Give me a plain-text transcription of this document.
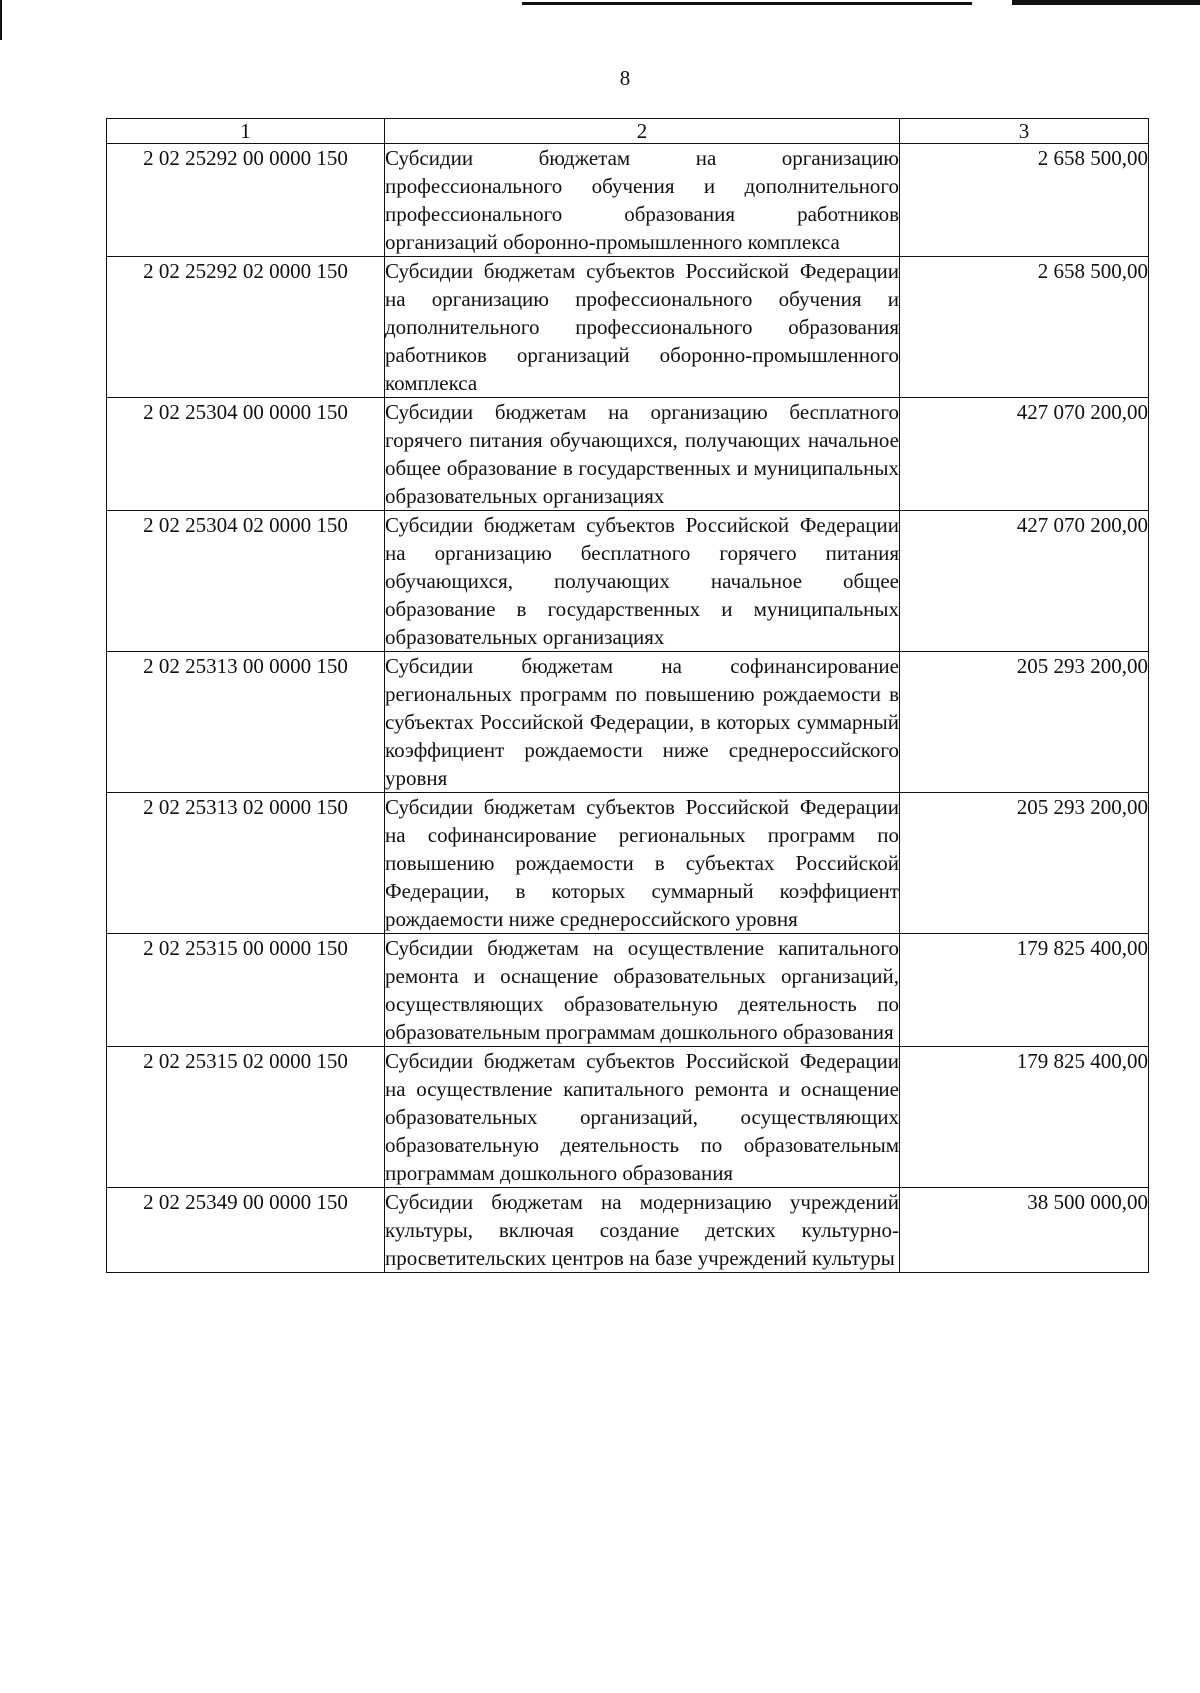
8
1	2	3
2 02 25292 00 0000 150	Субсидии бюджетам на организацию профессионального обучения и дополнительного профессионального образования работников организаций оборонно-промышленного комплекса	2 658 500,00
2 02 25292 02 0000 150	Субсидии бюджетам субъектов Российской Федерации на организацию профессионального обучения и дополнительного профессионального образования работников организаций оборонно-промышленного комплекса	2 658 500,00
2 02 25304 00 0000 150	Субсидии бюджетам на организацию бесплатного горячего питания обучающихся, получающих начальное общее образование в государственных и муниципальных образовательных организациях	427 070 200,00
2 02 25304 02 0000 150	Субсидии бюджетам субъектов Российской Федерации на организацию бесплатного горячего питания обучающихся, получающих начальное общее образование в государственных и муниципальных образовательных организациях	427 070 200,00
2 02 25313 00 0000 150	Субсидии бюджетам на софинансирование региональных программ по повышению рождаемости в субъектах Российской Федерации, в которых суммарный коэффициент рождаемости ниже среднероссийского уровня	205 293 200,00
2 02 25313 02 0000 150	Субсидии бюджетам субъектов Российской Федерации на софинансирование региональных программ по повышению рождаемости в субъектах Российской Федерации, в которых суммарный коэффициент рождаемости ниже среднероссийского уровня	205 293 200,00
2 02 25315 00 0000 150	Субсидии бюджетам на осуществление капитального ремонта и оснащение образовательных организаций, осуществляющих образовательную деятельность по образовательным программам дошкольного образования	179 825 400,00
2 02 25315 02 0000 150	Субсидии бюджетам субъектов Российской Федерации на осуществление капитального ремонта и оснащение образовательных организаций, осуществляющих образовательную деятельность по образовательным программам дошкольного образования	179 825 400,00
2 02 25349 00 0000 150	Субсидии бюджетам на модернизацию учреждений культуры, включая создание детских культурно-просветительских центров на базе учреждений культуры	38 500 000,00
